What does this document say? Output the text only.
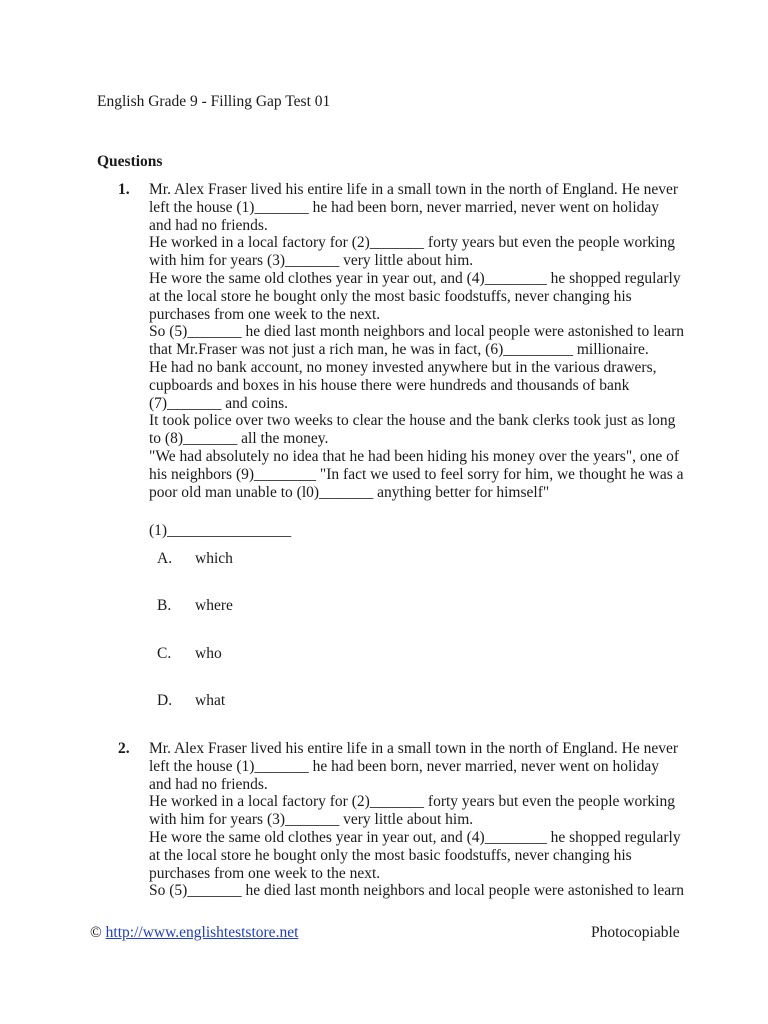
English Grade 9 - Filling Gap Test 01
Questions
1. Mr. Alex Fraser lived his entire life in a small town in the north of England. He never
left the house (1)_______ he had been born, never married, never went on holiday
and had no friends.
He worked in a local factory for (2)_______ forty years but even the people working
with him for years (3)_______ very little about him.
He wore the same old clothes year in year out, and (4)________ he shopped regularly
at the local store he bought only the most basic foodstuffs, never changing his
purchases from one week to the next.
So (5)_______ he died last month neighbors and local people were astonished to learn
that Mr.Fraser was not just a rich man, he was in fact, (6)_________ millionaire.
He had no bank account, no money invested anywhere but in the various drawers,
cupboards and boxes in his house there were hundreds and thousands of bank
(7)_______ and coins.
It took police over two weeks to clear the house and the bank clerks took just as long
to (8)_______ all the money.
"We had absolutely no idea that he had been hiding his money over the years", one of
his neighbors (9)________ "In fact we used to feel sorry for him, we thought he was a
poor old man unable to (l0)_______ anything better for himself"
(1)________________
A. which
B. where
C. who
D. what
2. Mr. Alex Fraser lived his entire life in a small town in the north of England. He never
left the house (1)_______ he had been born, never married, never went on holiday
and had no friends.
He worked in a local factory for (2)_______ forty years but even the people working
with him for years (3)_______ very little about him.
He wore the same old clothes year in year out, and (4)________ he shopped regularly
at the local store he bought only the most basic foodstuffs, never changing his
purchases from one week to the next.
So (5)_______ he died last month neighbors and local people were astonished to learn
© http://www.englishteststore.net	Photocopiable
